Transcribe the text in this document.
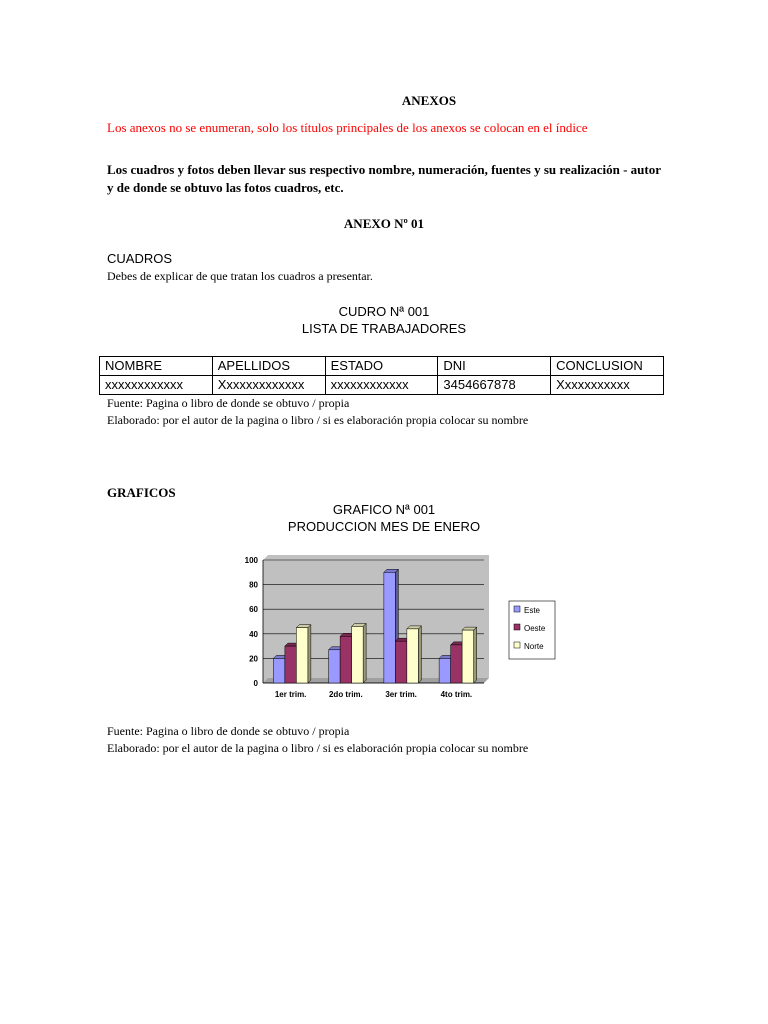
ANEXOS
Los anexos no se enumeran, solo los títulos principales de los anexos se colocan en el índice
Los cuadros y fotos deben llevar sus respectivo nombre, numeración, fuentes y su realización - autor y de donde se obtuvo las fotos cuadros, etc.
ANEXO Nº 01
CUADROS
Debes de explicar de que tratan los cuadros a presentar.
CUDRO Nª 001
LISTA DE TRABAJADORES
NOMBRE	APELLIDOS	ESTADO	DNI	CONCLUSION
xxxxxxxxxxxx	Xxxxxxxxxxxxx	xxxxxxxxxxxx	3454667878	Xxxxxxxxxxx
Fuente: Pagina o libro de donde se obtuvo / propia
Elaborado: por el autor de la pagina o libro / si es elaboración propia colocar su nombre
GRAFICOS
GRAFICO Nª 001
PRODUCCION MES DE ENERO
0
20
40
60
80
100
1er trim.	2do trim.	3er trim.	4to trim.
Este
Oeste
Norte
Fuente: Pagina o libro de donde se obtuvo / propia
Elaborado: por el autor de la pagina o libro / si es elaboración propia colocar su nombre
